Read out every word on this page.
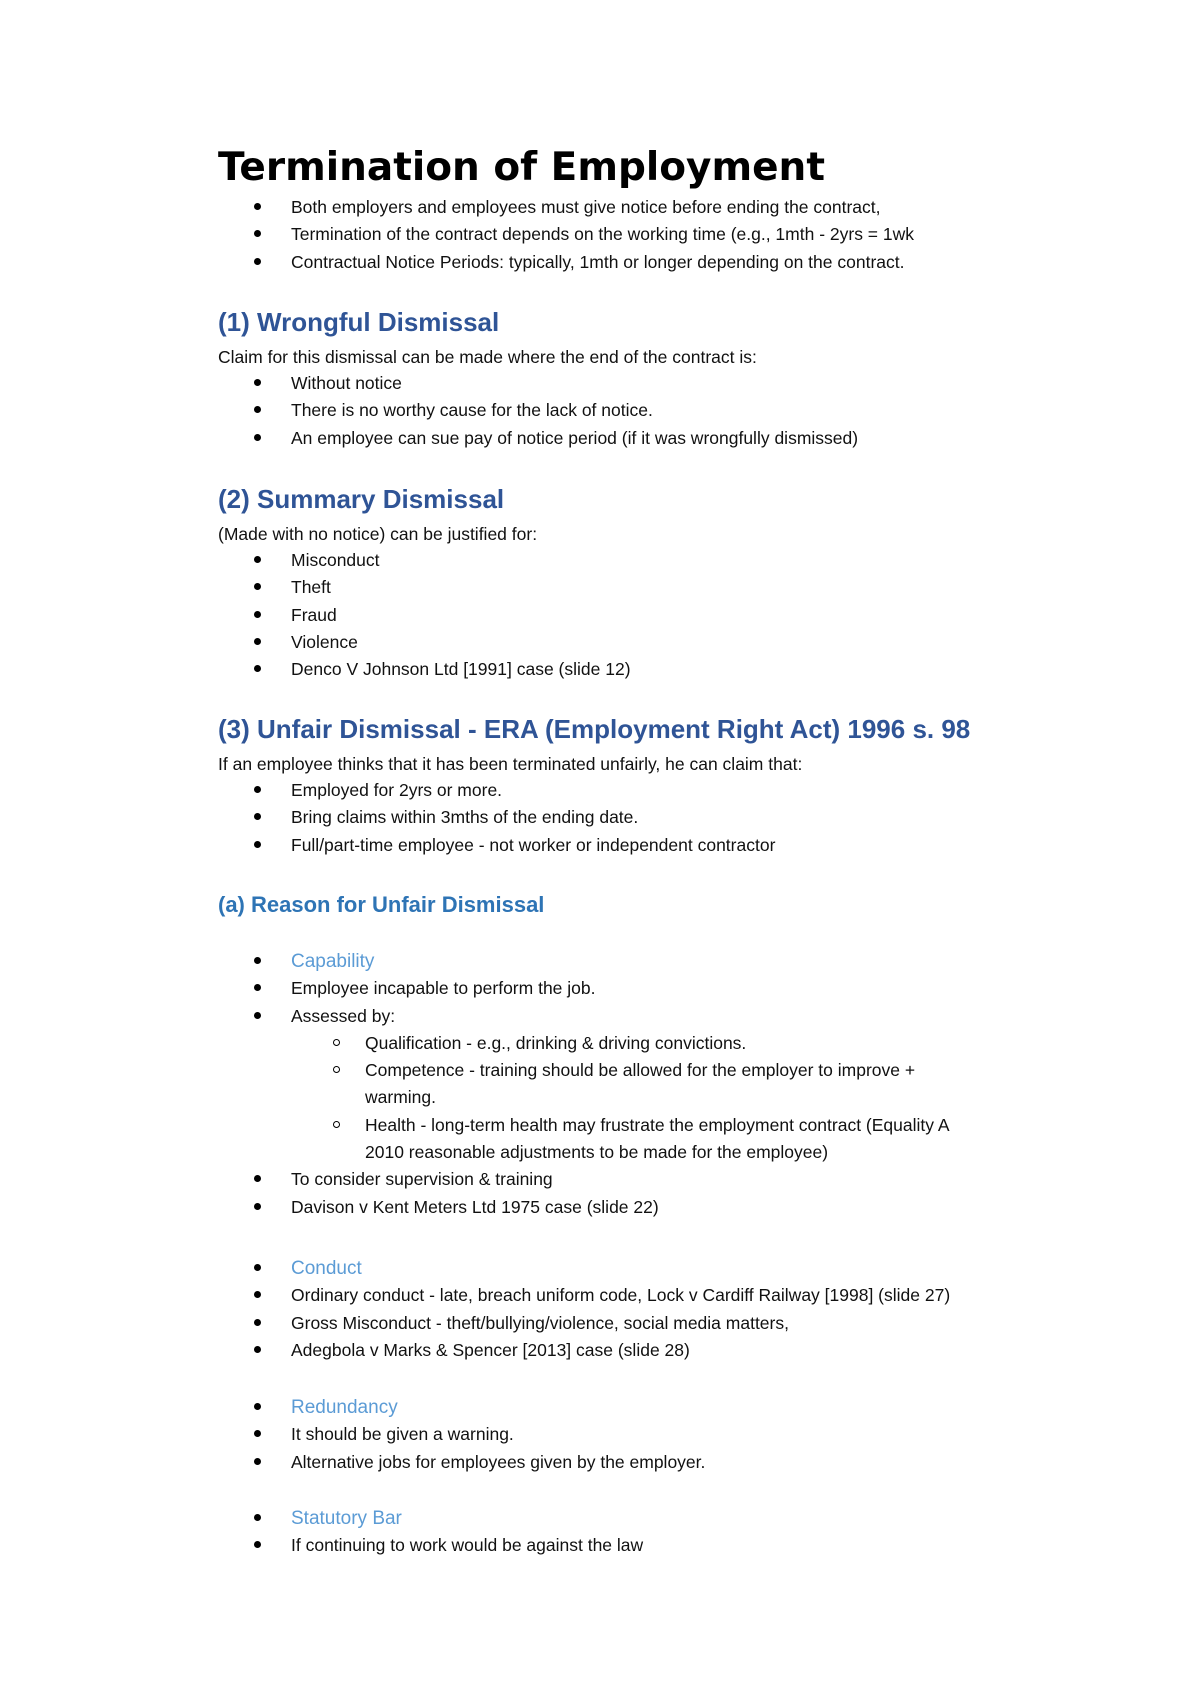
Termination of Employment
Both employers and employees must give notice before ending the contract,
Termination of the contract depends on the working time (e.g., 1mth - 2yrs = 1wk
Contractual Notice Periods: typically, 1mth or longer depending on the contract.
(1) Wrongful Dismissal

Claim for this dismissal can be made where the end of the contract is:

Without notice
There is no worthy cause for the lack of notice.
An employee can sue pay of notice period (if it was wrongfully dismissed)
(2) Summary Dismissal

(Made with no notice) can be justified for:

Misconduct
Theft
Fraud
Violence
Denco V Johnson Ltd [1991] case (slide 12)
(3) Unfair Dismissal - ERA (Employment Right Act) 1996 s. 98

If an employee thinks that it has been terminated unfairly, he can claim that:

Employed for 2yrs or more.
Bring claims within 3mths of the ending date.
Full/part-time employee - not worker or independent contractor
(a) Reason for Unfair Dismissal
Capability
Employee incapable to perform the job.
Assessed by:
Qualification - e.g., drinking & driving convictions.
Competence - training should be allowed for the employer to improve +
warming.
Health - long-term health may frustrate the employment contract (Equality A
2010 reasonable adjustments to be made for the employee)
To consider supervision & training
Davison v Kent Meters Ltd 1975 case (slide 22)
Conduct
Ordinary conduct - late, breach uniform code, Lock v Cardiff Railway [1998] (slide 27)
Gross Misconduct - theft/bullying/violence, social media matters,
Adegbola v Marks & Spencer [2013] case (slide 28)
Redundancy
It should be given a warning.
Alternative jobs for employees given by the employer.
Statutory Bar
If continuing to work would be against the law
